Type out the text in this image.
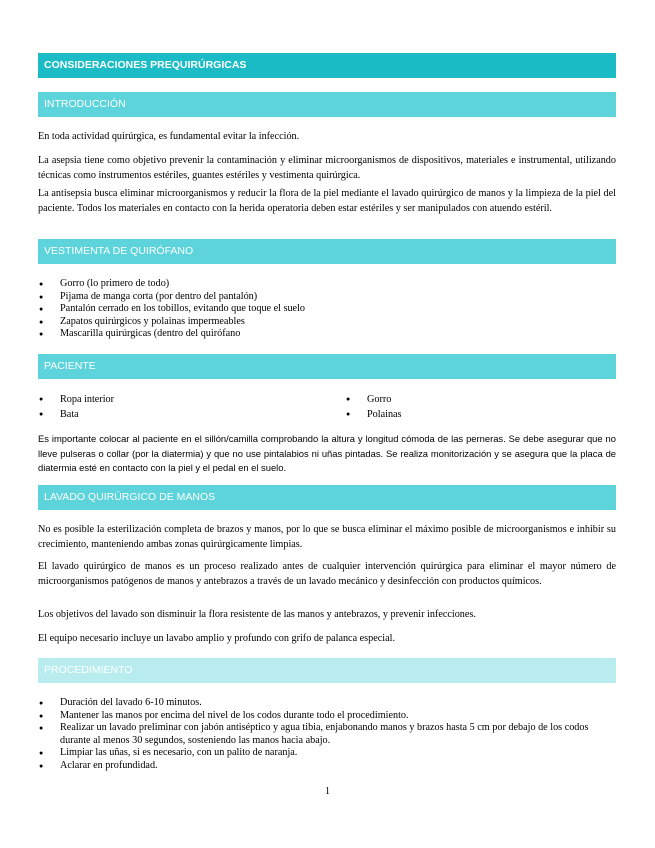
CONSIDERACIONES PREQUIRÚRGICAS
INTRODUCCIÓN

En toda actividad quirúrgica, es fundamental evitar la infección.

La asepsia tiene como objetivo prevenir la contaminación y eliminar microorganismos de dispositivos, materiales e instrumental, utilizando técnicas como instrumentos estériles, guantes estériles y vestimenta quirúrgica.

La antisepsia busca eliminar microorganismos y reducir la flora de la piel mediante el lavado quirúrgico de manos y la limpieza de la piel del paciente. Todos los materiales en contacto con la herida operatoria deben estar estériles y ser manipulados con atuendo estéril.

VESTIMENTA DE QUIRÓFANO
● Gorro (lo primero de todo)
● Pijama de manga corta (por dentro del pantalón)
● Pantalón cerrado en los tobillos, evitando que toque el suelo
● Zapatos quirúrgicos y polainas impermeables
● Mascarilla quirúrgicas (dentro del quirófano
PACIENTE
● Ropa interior
● Bata
● Gorro
● Polainas

Es importante colocar al paciente en el sillón/camilla comprobando la altura y longitud cómoda de las perneras. Se debe asegurar que no lleve pulseras o collar (por la diatermia) y que no use pintalabios ni uñas pintadas. Se realiza monitorización y se asegura que la placa de diatermia esté en contacto con la piel y el pedal en el suelo.

LAVADO QUIRÚRGICO DE MANOS

No es posible la esterilización completa de brazos y manos, por lo que se busca eliminar el máximo posible de microorganismos e inhibir su crecimiento, manteniendo ambas zonas quirúrgicamente limpias.

El lavado quirúrgico de manos es un proceso realizado antes de cualquier intervención quirúrgica para eliminar el mayor número de microorganismos patógenos de manos y antebrazos a través de un lavado mecánico y desinfección con productos químicos.

Los objetivos del lavado son disminuir la flora resistente de las manos y antebrazos, y prevenir infecciones.

El equipo necesario incluye un lavabo amplio y profundo con grifo de palanca especial.

PROCEDIMIENTO
● Duración del lavado 6-10 minutos.
● Mantener las manos por encima del nivel de los codos durante todo el procedimiento.
● Realizar un lavado preliminar con jabón antiséptico y agua tibia, enjabonando manos y brazos hasta 5 cm por debajo de los codos durante al menos 30 segundos, sosteniendo las manos hacia abajo.
● Limpiar las uñas, si es necesario, con un palito de naranja.
● Aclarar en profundidad.
1
